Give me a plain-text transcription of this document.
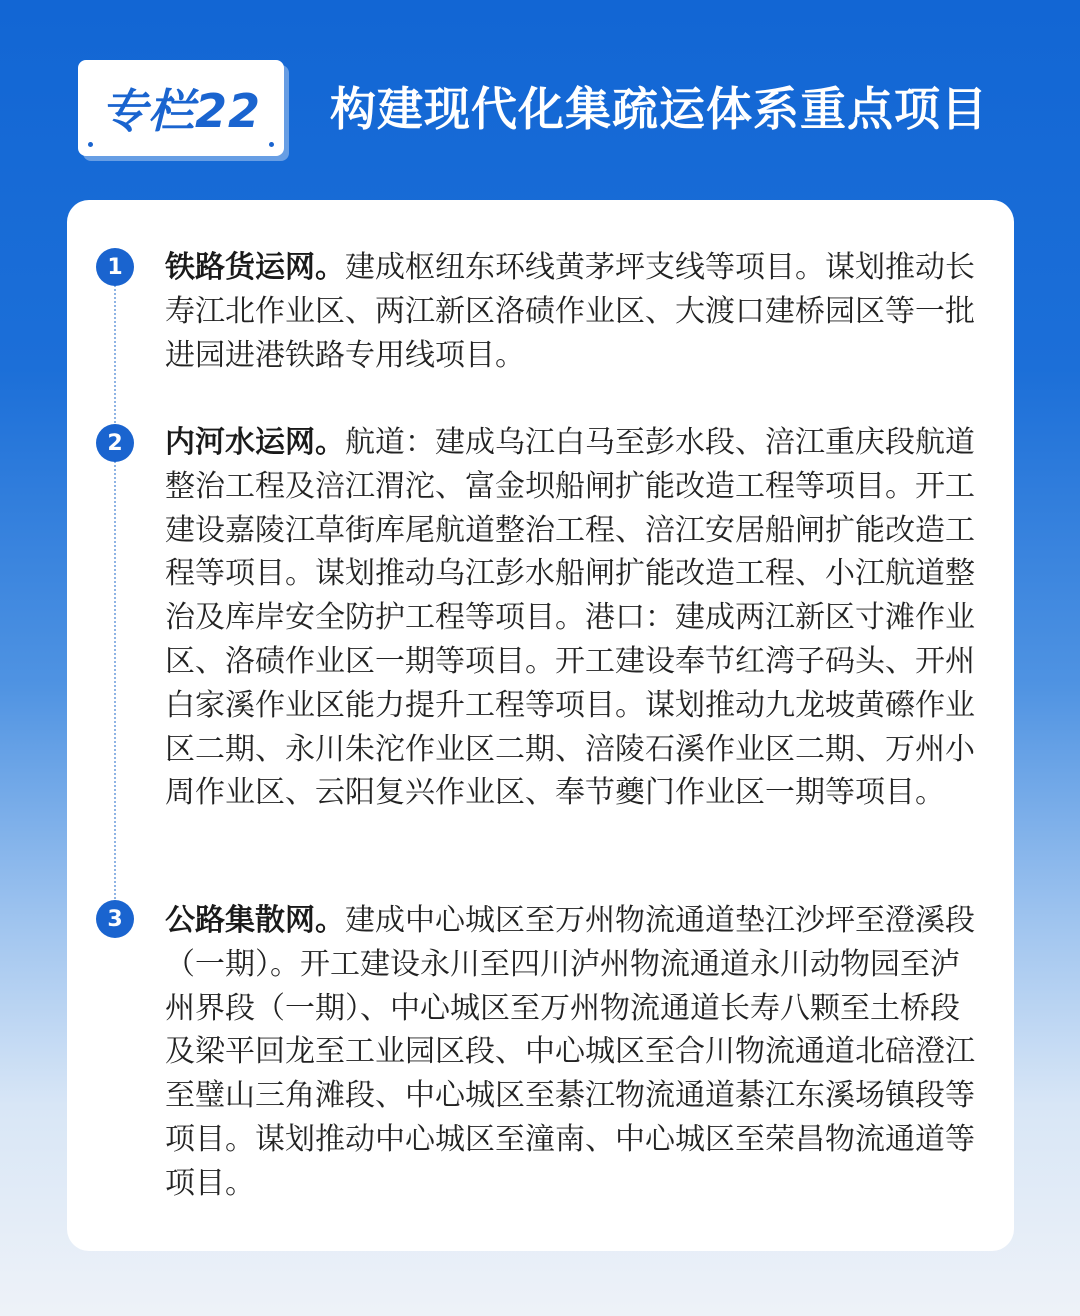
专栏22	构建现代化集疏运体系重点项目
1	铁路货运网。建成枢纽东环线黄茅坪支线等项目。谋划推动长寿江北作业区、两江新区洛碛作业区、大渡口建桥园区等一批进园进港铁路专用线项目。

2	内河水运网。航道：建成乌江白马至彭水段、涪江重庆段航道整治工程及涪江渭沱、富金坝船闸扩能改造工程等项目。开工建设嘉陵江草街库尾航道整治工程、涪江安居船闸扩能改造工程等项目。谋划推动乌江彭水船闸扩能改造工程、小江航道整治及库岸安全防护工程等项目。港口：建成两江新区寸滩作业区、洛碛作业区一期等项目。开工建设奉节红湾子码头、开州白家溪作业区能力提升工程等项目。谋划推动九龙坡黄礤作业区二期、永川朱沱作业区二期、涪陵石溪作业区二期、万州小周作业区、云阳复兴作业区、奉节夔门作业区一期等项目。

3	公路集散网。建成中心城区至万州物流通道垫江沙坪至澄溪段（一期）。开工建设永川至四川泸州物流通道永川动物园至泸州界段（一期）、中心城区至万州物流通道长寿八颗至土桥段及梁平回龙至工业园区段、中心城区至合川物流通道北碚澄江至璧山三角滩段、中心城区至綦江物流通道綦江东溪场镇段等项目。谋划推动中心城区至潼南、中心城区至荣昌物流通道等项目。
